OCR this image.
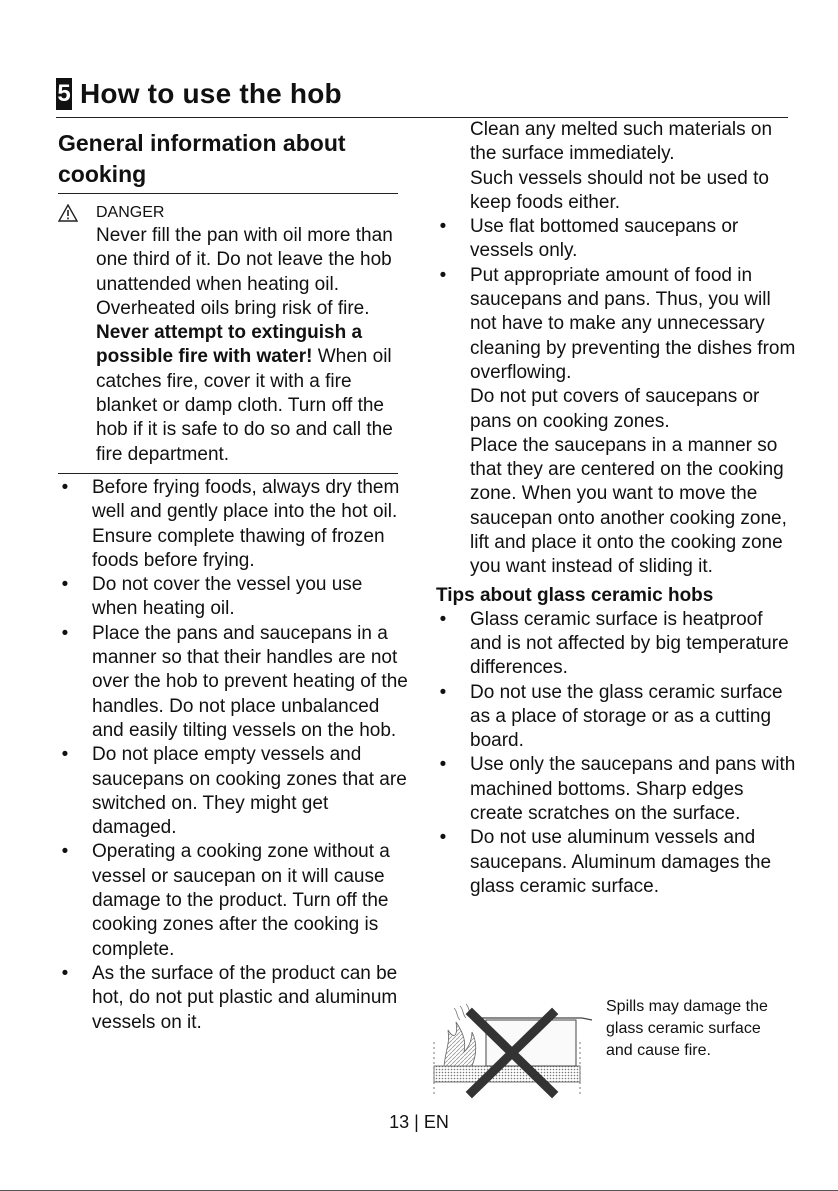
5 How to use the hob
General information about
cooking
DANGER

Never fill the pan with oil more than one third of it. Do not leave the hob unattended when heating oil. Overheated oils bring risk of fire.

Never attempt to extinguish a possible fire with water! When oil catches fire, cover it with a fire blanket or damp cloth. Turn off the hob if it is safe to do so and call the fire department.

• Before frying foods, always dry them well and gently place into the hot oil. Ensure complete thawing of frozen foods before frying.
• Do not cover the vessel you use when heating oil.
• Place the pans and saucepans in a manner so that their handles are not over the hob to prevent heating of the handles. Do not place unbalanced and easily tilting vessels on the hob.
• Do not place empty vessels and saucepans on cooking zones that are switched on. They might get damaged.
• Operating a cooking zone without a vessel or saucepan on it will cause damage to the product. Turn off the cooking zones after the cooking is complete.
• As the surface of the product can be hot, do not put plastic and aluminum vessels on it.

Clean any melted such materials on the surface immediately.

Such vessels should not be used to keep foods either.

• Use flat bottomed saucepans or vessels only.
• Put appropriate amount of food in saucepans and pans. Thus, you will not have to make any unnecessary cleaning by preventing the dishes from overflowing.

Do not put covers of saucepans or pans on cooking zones.

Place the saucepans in a manner so that they are centered on the cooking zone. When you want to move the saucepan onto another cooking zone, lift and place it onto the cooking zone you want instead of sliding it.

Tips about glass ceramic hobs
• Glass ceramic surface is heatproof and is not affected by big temperature differences.
• Do not use the glass ceramic surface as a place of storage or as a cutting board.
• Use only the saucepans and pans with machined bottoms. Sharp edges create scratches on the surface.
• Do not use aluminum vessels and saucepans. Aluminum damages the glass ceramic surface.
Spills may damage the glass ceramic surface and cause fire.
13 | EN
